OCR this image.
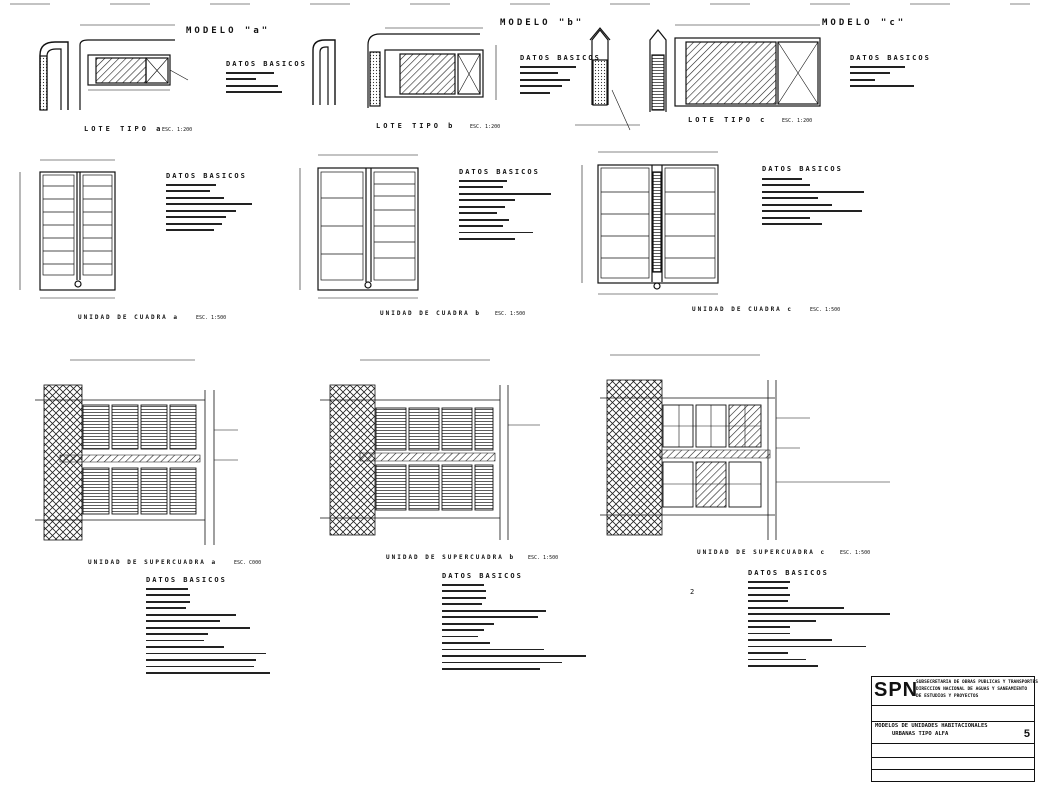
MODELO "a"
MODELO "b"	MODELO "c"
LOTE TIPO a
ESC. 1:200	LOTE TIPO b	ESC. 1:200
LOTE TIPO c	ESC. 1:200
UNIDAD DE CUADRA a	ESC. 1:500
UNIDAD DE CUADRA b	ESC. 1:500
UNIDAD DE CUADRA c	ESC. 1:500
UNIDAD DE SUPERCUADRA a	ESC. C000
UNIDAD DE SUPERCUADRA b	ESC. 1:500
UNIDAD DE SUPERCUADRA c	ESC. 1:500
DATOS BASICOS
DATOS BASICOS	DATOS BASICOS
DATOS BASICOS	DATOS BASICOS	DATOS BASICOS
DATOS BASICOS	DATOS BASICOS	DATOS BASICOS
2
SPN
SUBSECRETARIA DE OBRAS PUBLICAS Y TRANSPORTES
DIRECCION NACIONAL DE AGUAS Y SANEAMIENTO
DE ESTUDIOS Y PROYECTOS
MODELOS DE UNIDADES HABITACIONALES
URBANAS TIPO ALFA	5
